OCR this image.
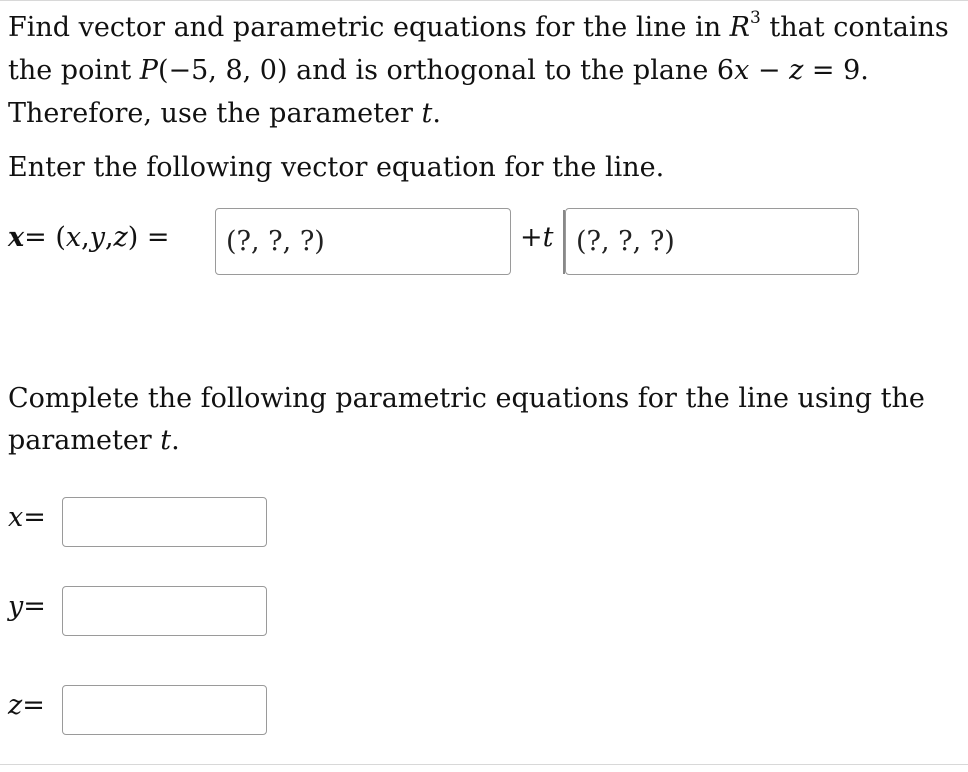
Find vector and parametric equations for the line in $R^3$ that contains

the point P(−5, 8, 0) and is orthogonal to the plane 6x − z = 9.

Therefore, use the parameter t.

Enter the following vector equation for the line.

x = ( x , y , z ) =
(?, ?, ?)	+t
(?, ?, ?)

Complete the following parametric equations for the line using the

parameter t.

x =
y =
z =
